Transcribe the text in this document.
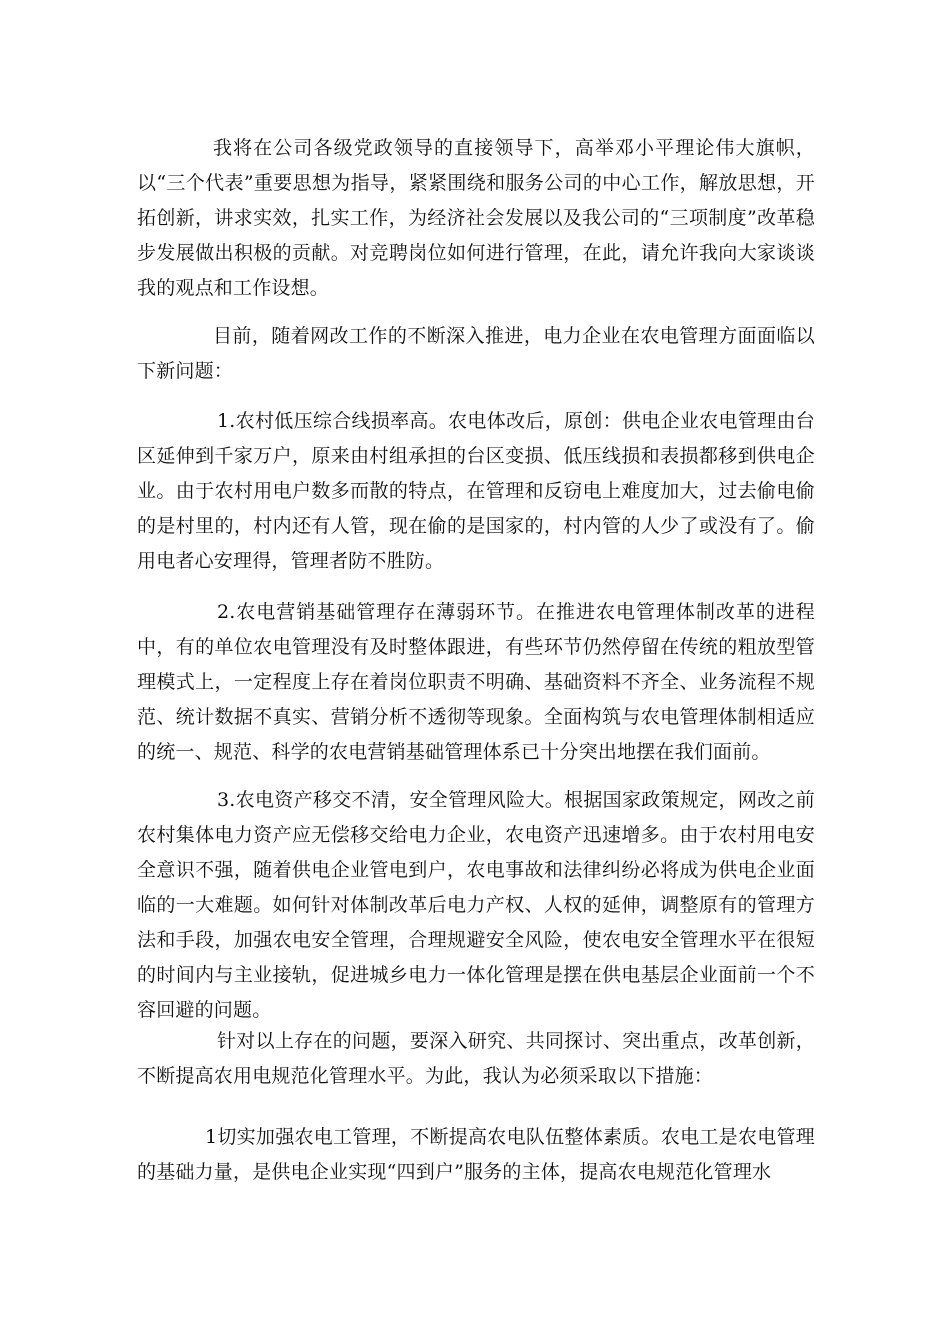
我将在公司各级党政领导的直接领导下，高举邓小平理论伟大旗帜，以“三个代表”重要思想为指导，紧紧围绕和服务公司的中心工作，解放思想，开拓创新，讲求实效，扎实工作，为经济社会发展以及我公司的“三项制度”改革稳步发展做出积极的贡献。对竞聘岗位如何进行管理，在此，请允许我向大家谈谈我的观点和工作设想。

目前，随着网改工作的不断深入推进，电力企业在农电管理方面面临以下新问题：

1.农村低压综合线损率高。农电体改后，原创：供电企业农电管理由台区延伸到千家万户，原来由村组承担的台区变损、低压线损和表损都移到供电企业。由于农村用电户数多而散的特点，在管理和反窃电上难度加大，过去偷电偷的是村里的，村内还有人管，现在偷的是国家的，村内管的人少了或没有了。偷用电者心安理得，管理者防不胜防。

2.农电营销基础管理存在薄弱环节。在推进农电管理体制改革的进程中，有的单位农电管理没有及时整体跟进，有些环节仍然停留在传统的粗放型管理模式上，一定程度上存在着岗位职责不明确、基础资料不齐全、业务流程不规范、统计数据不真实、营销分析不透彻等现象。全面构筑与农电管理体制相适应的统一、规范、科学的农电营销基础管理体系已十分突出地摆在我们面前。

3.农电资产移交不清，安全管理风险大。根据国家政策规定，网改之前农村集体电力资产应无偿移交给电力企业，农电资产迅速增多。由于农村用电安全意识不强，随着供电企业管电到户，农电事故和法律纠纷必将成为供电企业面临的一大难题。如何针对体制改革后电力产权、人权的延伸，调整原有的管理方法和手段，加强农电安全管理，合理规避安全风险，使农电安全管理水平在很短的时间内与主业接轨，促进城乡电力一体化管理是摆在供电基层企业面前一个不容回避的问题。

针对以上存在的问题，要深入研究、共同探讨、突出重点，改革创新，不断提高农用电规范化管理水平。为此，我认为必须采取以下措施：

1切实加强农电工管理，不断提高农电队伍整体素质。农电工是农电管理的基础力量，是供电企业实现“四到户”服务的主体，提高农电规范化管理水
